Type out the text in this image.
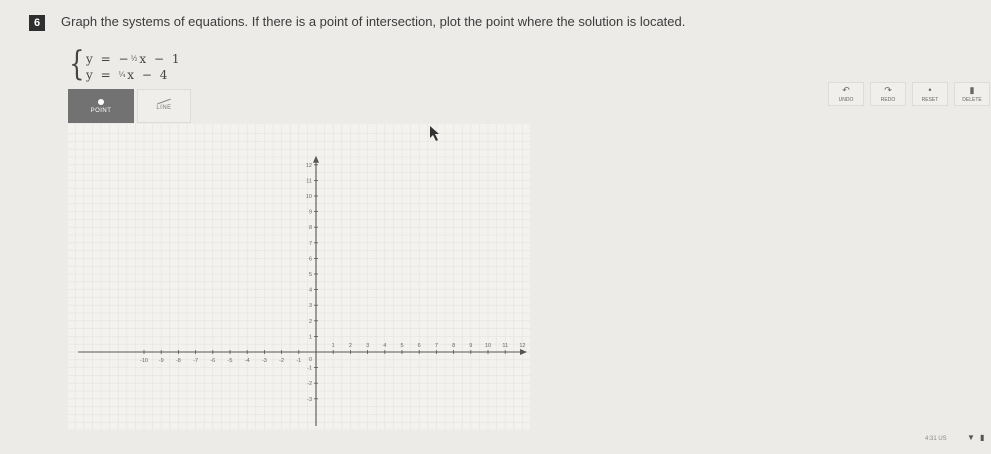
6	Graph the systems of equations. If there is a point of intersection, plot the point where the solution is located.
{ y = −½x − 1
y = ¼x − 4
POINT	LINE
↶
UNDO
↷
REDO
•
RESET
▮
DELETE
-10 -9 -8 -7 -6 -5 -4 -3 -2 -1
1	2	3	4	5	6	7	8	9 10 11 12
1
2
3
4
5
6
7
8
9
10
11
12
-1
-2
-3
0
4:31 US	▼ ▮
